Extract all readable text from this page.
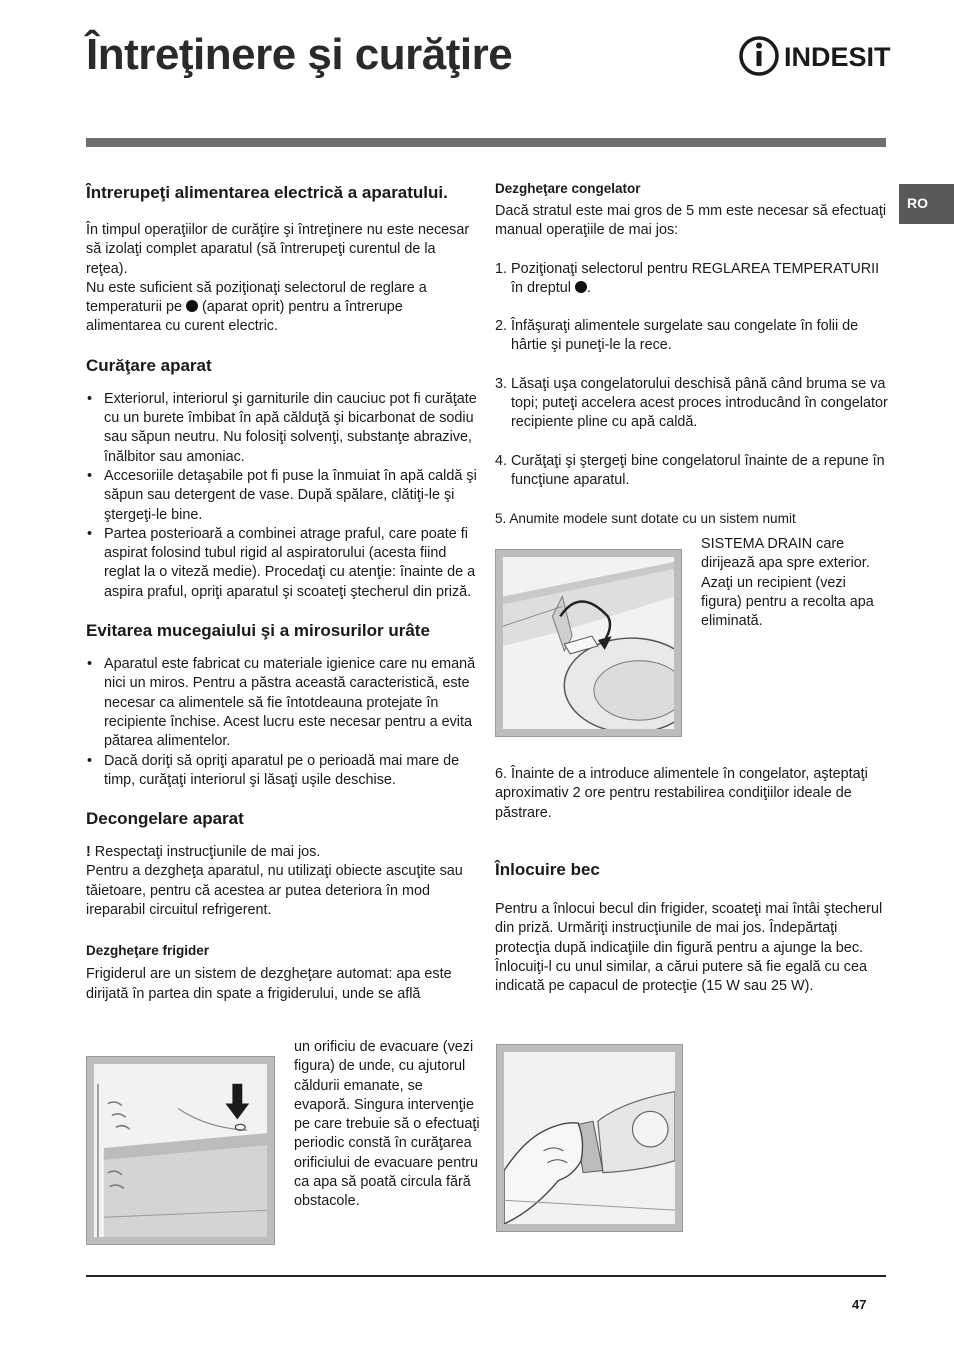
Întreţinere şi curăţire	INDESIT
RO
Întrerupeţi alimentarea electrică a aparatului.

În timpul operaţiilor de curăţire şi întreţinere nu este necesar să izolaţi complet aparatul (să întrerupeţi curentul de la reţea).

Nu este suficient să poziţionaţi selectorul de reglare a temperaturii pe (aparat oprit) pentru a întrerupe alimentarea cu curent electric.

Curăţare aparat
• Exteriorul, interiorul şi garniturile din cauciuc pot fi curăţate cu un burete îmbibat în apă călduţă şi bicarbonat de sodiu sau săpun neutru. Nu folosiţi solvenţi, substanţe abrazive, înălbitor sau amoniac.
• Accesoriile detaşabile pot fi puse la înmuiat în apă caldă şi săpun sau detergent de vase. După spălare, clătiţi-le şi ştergeţi-le bine.
• Partea posterioară a combinei atrage praful, care poate fi aspirat folosind tubul rigid al aspiratorului (acesta fiind reglat la o viteză medie). Procedaţi cu atenţie: înainte de a aspira praful, opriţi aparatul şi scoateţi ştecherul din priză.
Evitarea mucegaiului şi a mirosurilor urâte
• Aparatul este fabricat cu materiale igienice care nu emană nici un miros. Pentru a păstra această caracteristică, este necesar ca alimentele să fie întotdeauna protejate în recipiente închise. Acest lucru este necesar pentru a evita pătarea alimentelor.
• Dacă doriţi să opriţi aparatul pe o perioadă mai mare de timp, curăţaţi interiorul şi lăsaţi uşile deschise.
Decongelare aparat

! Respectaţi instrucţiunile de mai jos.

Pentru a dezgheţa aparatul, nu utilizaţi obiecte ascuţite sau tăietoare, pentru că acestea ar putea deteriora în mod ireparabil circuitul refrigerent.

Dezgheţare frigider

Frigiderul are un sistem de dezgheţare automat: apa este dirijată în partea din spate a frigiderului, unde se află

un orificiu de evacuare (vezi figura) de unde, cu ajutorul căldurii emanate, se evaporă. Singura intervenţie pe care trebuie să o efectuaţi periodic constă în curăţarea orificiului de evacuare pentru ca apa să poată circula fără obstacole.
Dezgheţare congelator

Dacă stratul este mai gros de 5 mm este necesar să efectuaţi manual operaţiile de mai jos:

1. Poziţionaţi selectorul pentru REGLAREA TEMPERATURII în dreptul .
2. Înfăşuraţi alimentele surgelate sau congelate în folii de hârtie şi puneţi-le la rece.
3. Lăsaţi uşa congelatorului deschisă până când bruma se va topi; puteţi accelera acest proces introducând în congelator recipiente pline cu apă caldă.
4. Curăţaţi şi ştergeţi bine congelatorul înainte de a repune în funcţiune aparatul.
5. Anumite modele sunt dotate cu un sistem numit
SISTEMA DRAIN care dirijează apa spre exterior. Azaţi un recipient (vezi figura) pentru a recolta apa eliminată.
6. Înainte de a introduce alimentele în congelator, aşteptaţi aproximativ 2 ore pentru restabilirea condiţiilor ideale de păstrare.
Înlocuire bec

Pentru a înlocui becul din frigider, scoateţi mai întâi ştecherul din priză. Urmăriţi instrucţiunile de mai jos. Îndepărtaţi protecţia după indicaţiile din figură pentru a ajunge la bec.

Înlocuiţi-l cu unul similar, a cărui putere să fie egală cu cea indicată pe capacul de protecţie (15 W sau 25 W).

47
